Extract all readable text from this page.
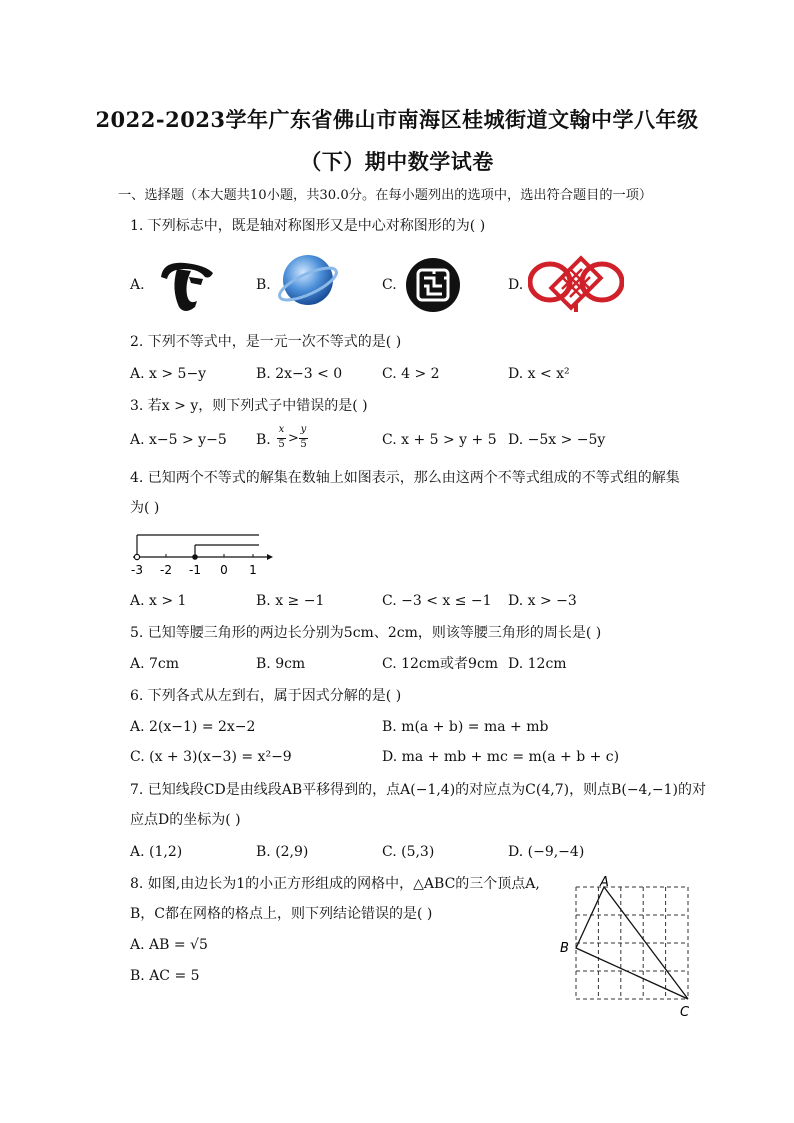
2022-2023学年广东省佛山市南海区桂城街道文翰中学八年级
（下）期中数学试卷
一、选择题（本大题共10小题，共30.0分。在每小题列出的选项中，选出符合题目的一项）
1. 下列标志中，既是轴对称图形又是中心对称图形的为( )
A.	B.	C.	D.
2. 下列不等式中，是一元一次不等式的是( )
A. x > 5−y	B. 2x−3 < 0	C. 4 > 2	D. x < x²
3. 若x > y，则下列式子中错误的是( )
A. x−5 > y−5 B.
x
5 >
y
5	C. x + 5 > y + 5 D. −5x > −5y
4. 已知两个不等式的解集在数轴上如图表示，那么由这两个不等式组成的不等式组的解集
为( )
-3 -2 -1 0 1
A. x > 1	B. x ≥ −1	C. −3 < x ≤ −1 D. x > −3
5. 已知等腰三角形的两边长分别为5cm、2cm，则该等腰三角形的周长是( )
A. 7cm	B. 9cm	C. 12cm或者9cm D. 12cm
6. 下列各式从左到右，属于因式分解的是( )
A. 2(x−1) = 2x−2	B. m(a + b) = ma + mb
C. (x + 3)(x−3) = x²−9	D. ma + mb + mc = m(a + b + c)
7. 已知线段CD是由线段AB平移得到的，点A(−1,4)的对应点为C(4,7)，则点B(−4,−1)的对
应点D的坐标为( )
A. (1,2)	B. (2,9)	C. (5,3)	D. (−9,−4)
8. 如图,由边长为1的小正方形组成的网格中，△ABC的三个顶点A,
B，C都在网格的格点上，则下列结论错误的是( )
A. AB = √5
B. AC = 5
A
B
C
